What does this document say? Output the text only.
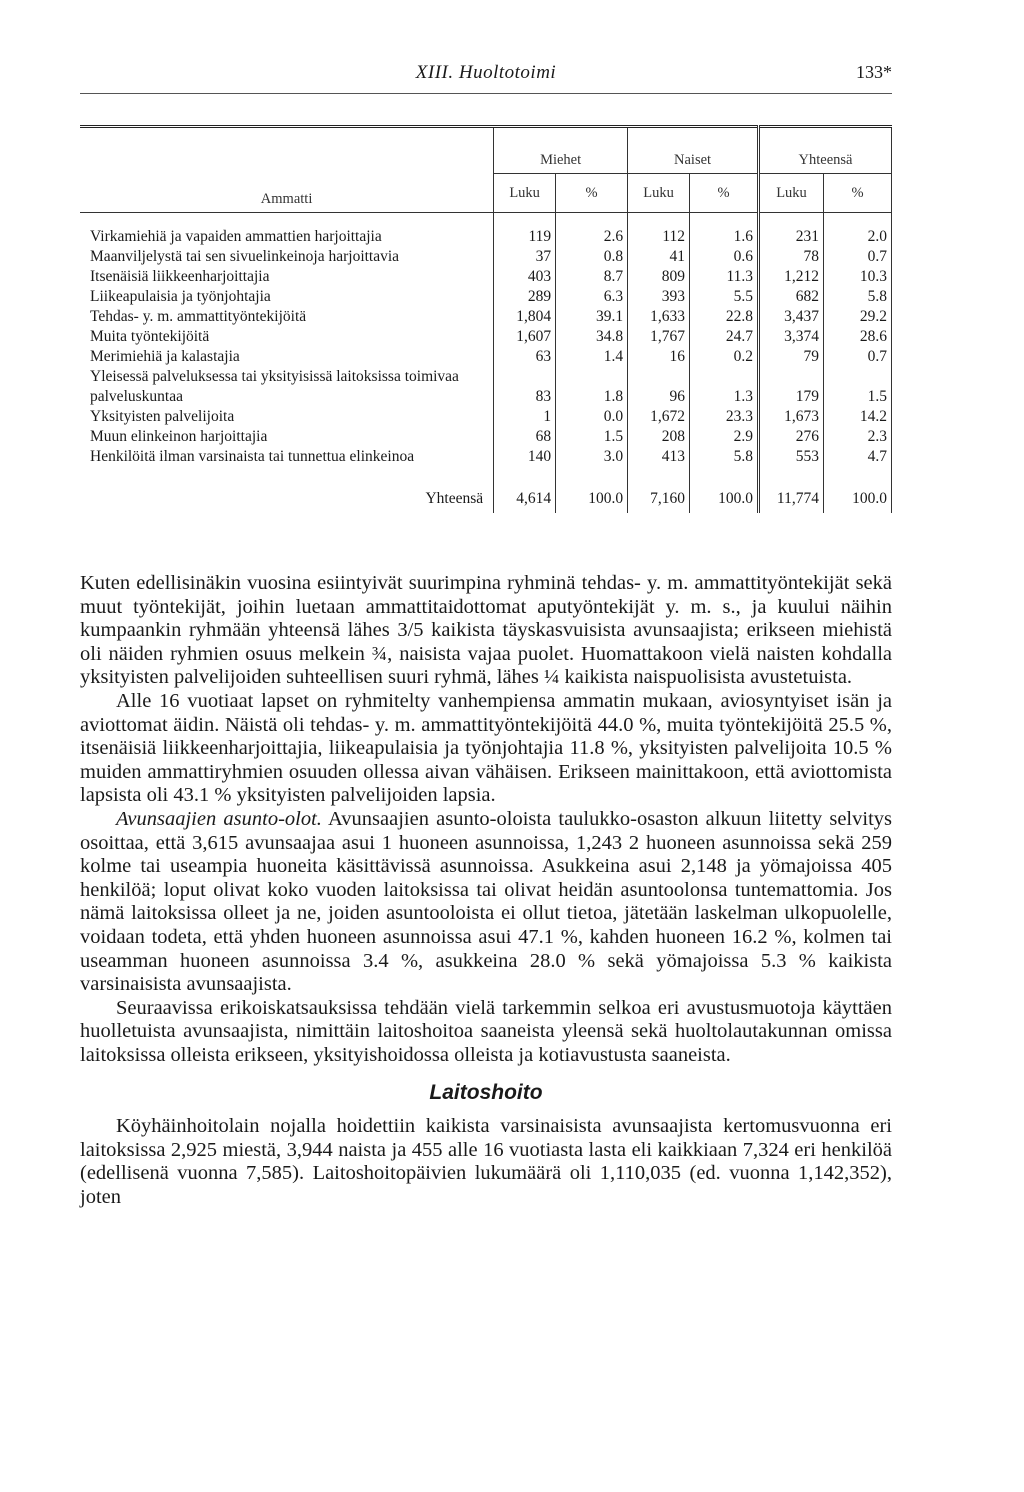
XIII. Huoltotoimi	133*
Ammatti	Miehet		Naiset		Yhteensä	
	Luku	%	Luku	%	Luku	%

Virkamiehiä ja vapaiden ammattien harjoittajia	119	2.6	112	1.6	231	2.0
Maanviljelystä tai sen sivuelinkeinoja harjoittavia	37	0.8	41	0.6	78	0.7
Itsenäisiä liikkeenharjoittajia	403	8.7	809	11.3	1,212	10.3
Liikeapulaisia ja työnjohtajia	289	6.3	393	5.5	682	5.8
Tehdas- y. m. ammattityöntekijöitä	1,804	39.1	1,633	22.8	3,437	29.2
Muita työntekijöitä	1,607	34.8	1,767	24.7	3,374	28.6
Merimiehiä ja kalastajia	63	1.4	16	0.2	79	0.7
Yleisessä palveluksessa tai yksityisissä laitoksissa toimivaa palveluskuntaa	83	1.8	96	1.3	179	1.5
Yksityisten palvelijoita	1	0.0	1,672	23.3	1,673	14.2
Muun elinkeinon harjoittajia	68	1.5	208	2.9	276	2.3
Henkilöitä ilman varsinaista tai tunnettua elinkeinoa	140	3.0	413	5.8	553	4.7

Yhteensä	4,614	100.0	7,160	100.0	11,774	100.0

Kuten edellisinäkin vuosina esiintyivät suurimpina ryhminä tehdas- y. m. ammattityöntekijät sekä muut työntekijät, joihin luetaan ammattitaidottomat aputyöntekijät y. m. s., ja kuului näihin kumpaankin ryhmään yhteensä lähes 3/5 kaikista täyskasvuisista avunsaajista; erikseen miehistä oli näiden ryhmien osuus melkein ¾, naisista vajaa puolet. Huomattakoon vielä naisten kohdalla yksityisten palvelijoiden suhteellisen suuri ryhmä, lähes ¼ kaikista naispuolisista avustetuista.

Alle 16 vuotiaat lapset on ryhmitelty vanhempiensa ammatin mukaan, aviosyntyiset isän ja aviottomat äidin. Näistä oli tehdas- y. m. ammattityöntekijöitä 44.0 %, muita työntekijöitä 25.5 %, itsenäisiä liikkeenharjoittajia, liikeapulaisia ja työnjohtajia 11.8 %, yksityisten palvelijoita 10.5 % muiden ammattiryhmien osuuden ollessa aivan vähäisen. Erikseen mainittakoon, että aviottomista lapsista oli 43.1 % yksityisten palvelijoiden lapsia.

Avunsaajien asunto-olot. Avunsaajien asunto-oloista taulukko-osaston alkuun liitetty selvitys osoittaa, että 3,615 avunsaajaa asui 1 huoneen asunnoissa, 1,243 2 huoneen asunnoissa sekä 259 kolme tai useampia huoneita käsittävissä asunnoissa. Asukkeina asui 2,148 ja yömajoissa 405 henkilöä; loput olivat koko vuoden laitoksissa tai olivat heidän asuntoolonsa tuntemattomia. Jos nämä laitoksissa olleet ja ne, joiden asuntooloista ei ollut tietoa, jätetään laskelman ulkopuolelle, voidaan todeta, että yhden huoneen asunnoissa asui 47.1 %, kahden huoneen 16.2 %, kolmen tai useamman huoneen asunnoissa 3.4 %, asukkeina 28.0 % sekä yömajoissa 5.3 % kaikista varsinaisista avunsaajista.

Seuraavissa erikoiskatsauksissa tehdään vielä tarkemmin selkoa eri avustusmuotoja käyttäen huolletuista avunsaajista, nimittäin laitoshoitoa saaneista yleensä sekä huoltolautakunnan omissa laitoksissa olleista erikseen, yksityishoidossa olleista ja kotiavustusta saaneista.

Laitoshoito

Köyhäinhoitolain nojalla hoidettiin kaikista varsinaisista avunsaajista kertomusvuonna eri laitoksissa 2,925 miestä, 3,944 naista ja 455 alle 16 vuotiasta lasta eli kaikkiaan 7,324 eri henkilöä (edellisenä vuonna 7,585). Laitoshoitopäivien lukumäärä oli 1,110,035 (ed. vuonna 1,142,352), joten
